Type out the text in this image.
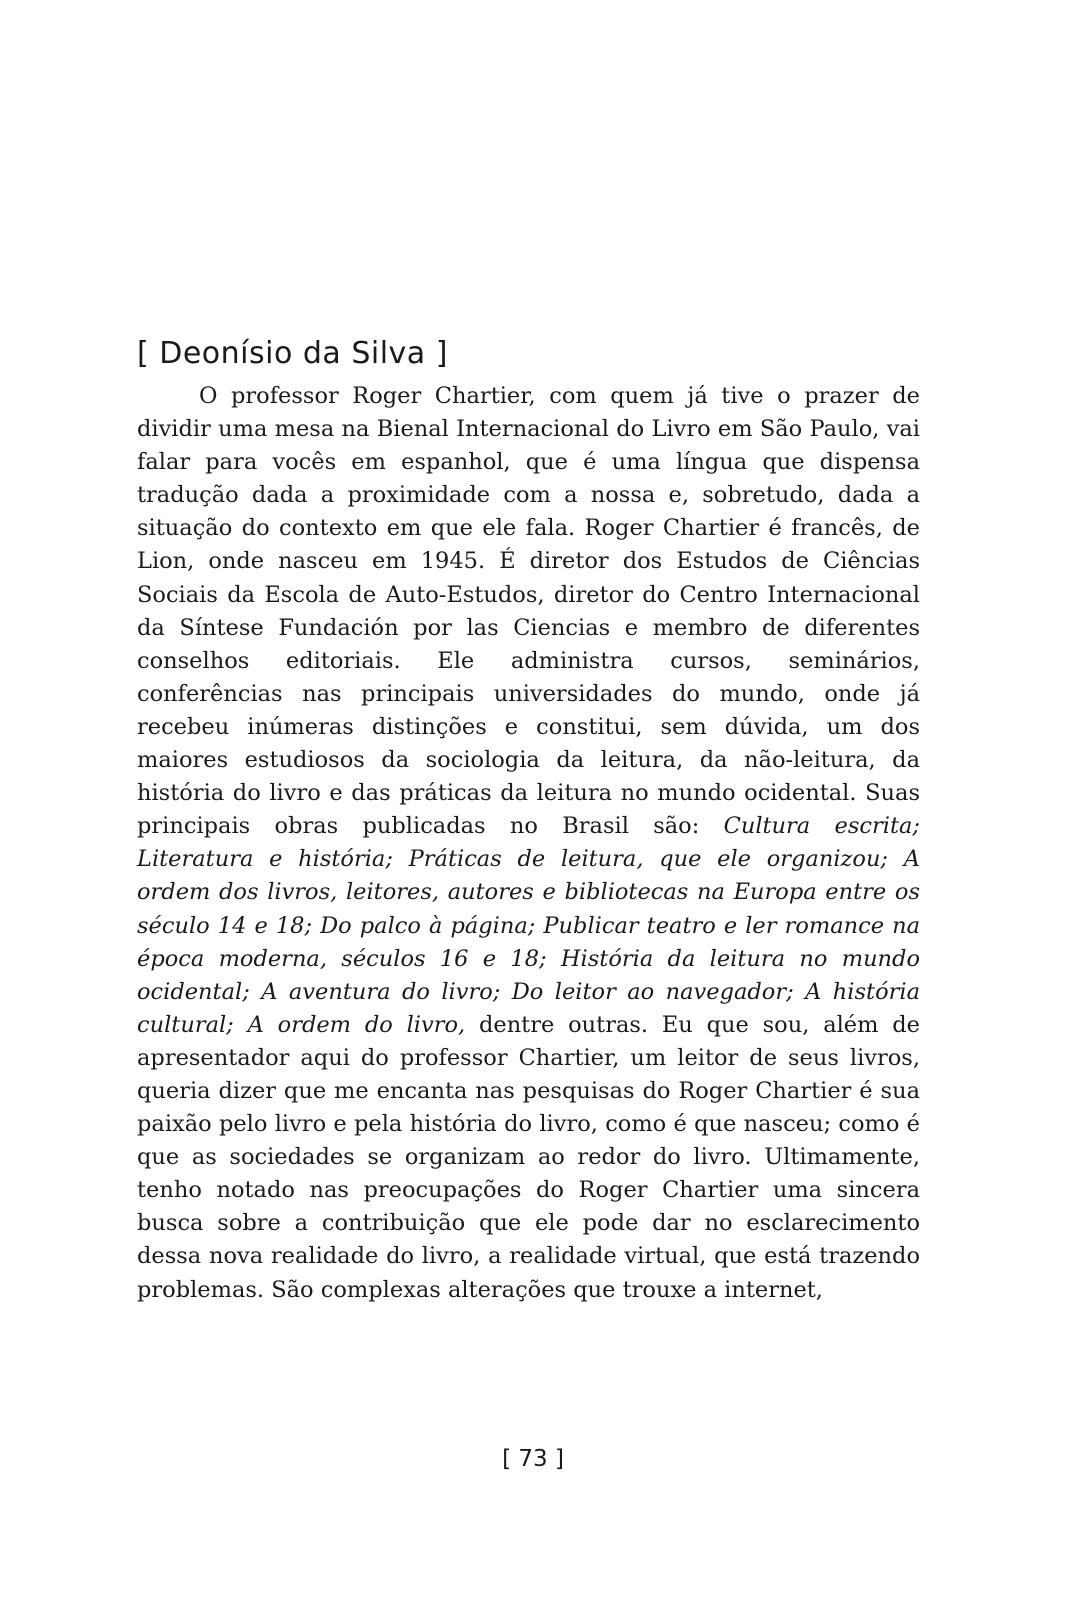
[ Deonísio da Silva ]

O professor Roger Chartier, com quem já tive o prazer de dividir uma mesa na Bienal Internacional do Livro em São Paulo, vai falar para vocês em espanhol, que é uma língua que dispensa tradução dada a proximidade com a nossa e, sobretudo, dada a situação do contexto em que ele fala. Roger Chartier é francês, de Lion, onde nasceu em 1945. É diretor dos Estudos de Ciências Sociais da Escola de Auto-Estudos, diretor do Centro Internacional da Síntese Fundación por las Ciencias e membro de diferentes conselhos editoriais. Ele administra cursos, seminários, conferências nas principais universidades do mundo, onde já recebeu inúmeras distinções e constitui, sem dúvida, um dos maiores estudiosos da sociologia da leitura, da não-leitura, da história do livro e das práticas da leitura no mundo ocidental. Suas principais obras publicadas no Brasil são: Cultura escrita; Literatura e história; Práticas de leitura, que ele organizou; A ordem dos livros, leitores, autores e bibliotecas na Europa entre os século 14 e 18; Do palco à página; Publicar teatro e ler romance na época moderna, séculos 16 e 18; História da leitura no mundo ocidental; A aventura do livro; Do leitor ao navegador; A história cultural; A ordem do livro, dentre outras. Eu que sou, além de apresentador aqui do professor Chartier, um leitor de seus livros, queria dizer que me encanta nas pesquisas do Roger Chartier é sua paixão pelo livro e pela história do livro, como é que nasceu; como é que as sociedades se organizam ao redor do livro. Ultimamente, tenho notado nas preocupações do Roger Chartier uma sincera busca sobre a contribuição que ele pode dar no esclarecimento dessa nova realidade do livro, a realidade virtual, que está trazendo problemas. São complexas alterações que trouxe a internet,

[ 73 ]
